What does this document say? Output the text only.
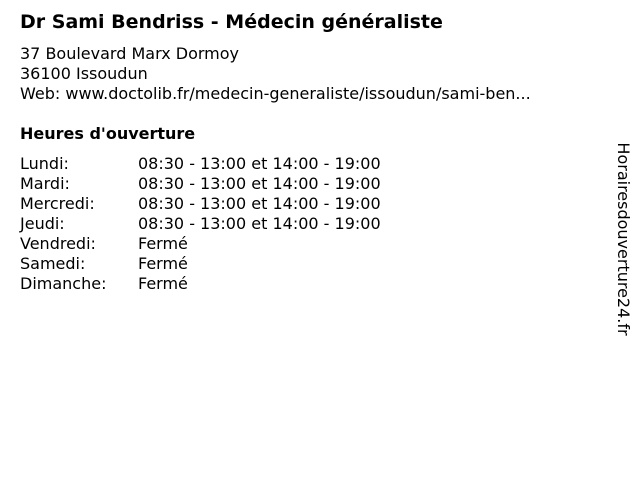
Dr Sami Bendriss - Médecin généraliste
37 Boulevard Marx Dormoy
36100 Issoudun
Web: www.doctolib.fr/medecin-generaliste/issoudun/sami-ben...
Heures d'ouverture
Lundi:	08:30 - 13:00 et 14:00 - 19:00
Mardi:	08:30 - 13:00 et 14:00 - 19:00
Mercredi:	08:30 - 13:00 et 14:00 - 19:00
Jeudi:	08:30 - 13:00 et 14:00 - 19:00
Vendredi:	Fermé
Samedi:	Fermé
Dimanche: Fermé	Horairesdouverture24.fr
